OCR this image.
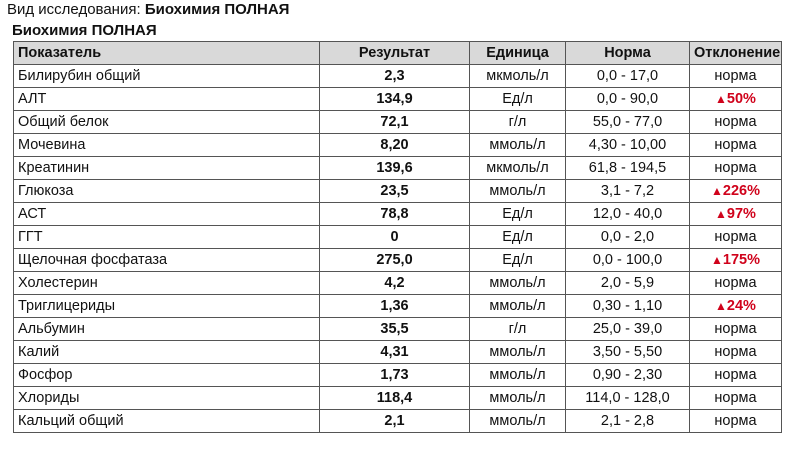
Вид исследования: Биохимия ПОЛНАЯ
Биохимия ПОЛНАЯ
Показатель	Результат	Единица	Норма	Отклонение
Билирубин общий	2,3	мкмоль/л	0,0 - 17,0	норма
АЛТ	134,9	Ед/л	0,0 - 90,0	▲50%
Общий белок	72,1	г/л	55,0 - 77,0	норма
Мочевина	8,20	ммоль/л	4,30 - 10,00	норма
Креатинин	139,6	мкмоль/л	61,8 - 194,5	норма
Глюкоза	23,5	ммоль/л	3,1 - 7,2	▲226%
АСТ	78,8	Ед/л	12,0 - 40,0	▲97%
ГГТ	0	Ед/л	0,0 - 2,0	норма
Щелочная фосфатаза	275,0	Ед/л	0,0 - 100,0	▲175%
Холестерин	4,2	ммоль/л	2,0 - 5,9	норма
Триглицериды	1,36	ммоль/л	0,30 - 1,10	▲24%
Альбумин	35,5	г/л	25,0 - 39,0	норма
Калий	4,31	ммоль/л	3,50 - 5,50	норма
Фосфор	1,73	ммоль/л	0,90 - 2,30	норма
Хлориды	118,4	ммоль/л	114,0 - 128,0	норма
Кальций общий	2,1	ммоль/л	2,1 - 2,8	норма
